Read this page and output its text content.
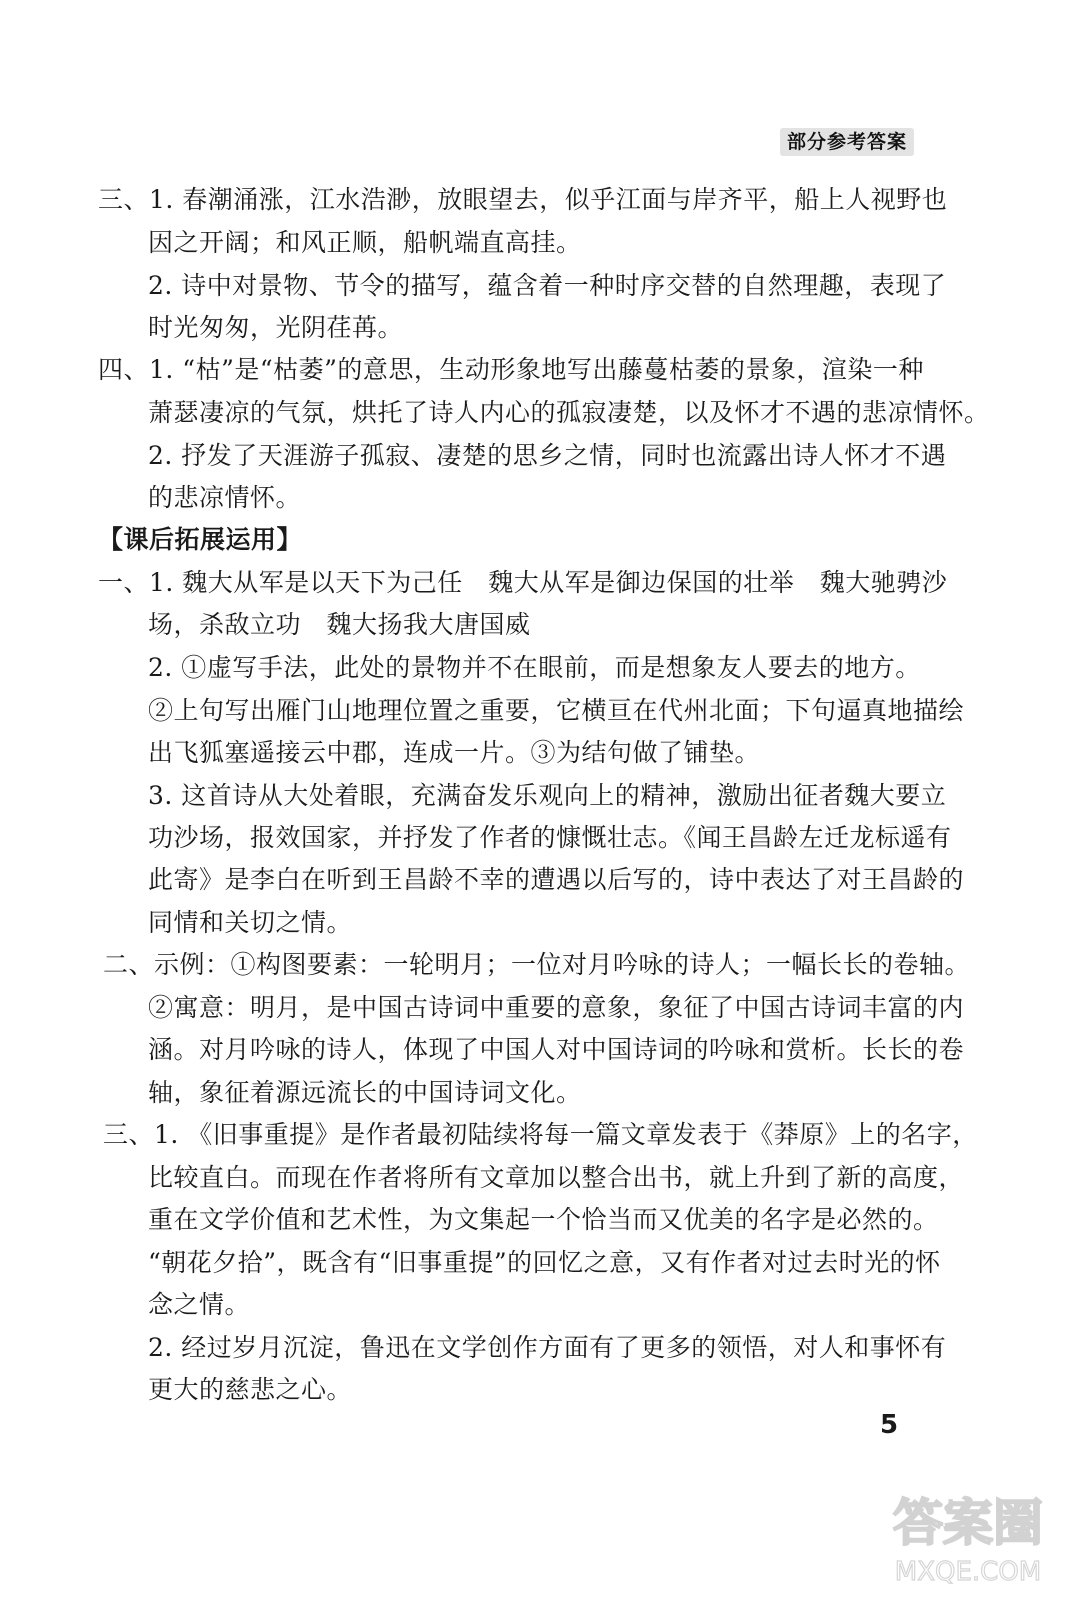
部分参考答案
三、1. 春潮涌涨，江水浩渺，放眼望去，似乎江面与岸齐平，船上人视野也
因之开阔；和风正顺，船帆端直高挂。
2. 诗中对景物、节令的描写，蕴含着一种时序交替的自然理趣，表现了
时光匆匆，光阴荏苒。
四、1. “枯”是“枯萎”的意思，生动形象地写出藤蔓枯萎的景象，渲染一种
萧瑟凄凉的气氛，烘托了诗人内心的孤寂凄楚，以及怀才不遇的悲凉情怀。
2. 抒发了天涯游子孤寂、凄楚的思乡之情，同时也流露出诗人怀才不遇
的悲凉情怀。
【课后拓展运用】
一、1. 魏大从军是以天下为己任　魏大从军是御边保国的壮举　魏大驰骋沙
场，杀敌立功　魏大扬我大唐国威
2. ①虚写手法，此处的景物并不在眼前，而是想象友人要去的地方。
②上句写出雁门山地理位置之重要，它横亘在代州北面；下句逼真地描绘
出飞狐塞遥接云中郡，连成一片。③为结句做了铺垫。
3. 这首诗从大处着眼，充满奋发乐观向上的精神，激励出征者魏大要立
功沙场，报效国家，并抒发了作者的慷慨壮志。《闻王昌龄左迁龙标遥有
此寄》是李白在听到王昌龄不幸的遭遇以后写的，诗中表达了对王昌龄的
同情和关切之情。
二、示例：①构图要素：一轮明月；一位对月吟咏的诗人；一幅长长的卷轴。
②寓意：明月，是中国古诗词中重要的意象，象征了中国古诗词丰富的内
涵。对月吟咏的诗人，体现了中国人对中国诗词的吟咏和赏析。长长的卷
轴，象征着源远流长的中国诗词文化。
三、1. 《旧事重提》是作者最初陆续将每一篇文章发表于《莽原》上的名字，
比较直白。而现在作者将所有文章加以整合出书，就上升到了新的高度，
重在文学价值和艺术性，为文集起一个恰当而又优美的名字是必然的。
“朝花夕拾”，既含有“旧事重提”的回忆之意，又有作者对过去时光的怀
念之情。
2. 经过岁月沉淀，鲁迅在文学创作方面有了更多的领悟，对人和事怀有
更大的慈悲之心。
5
答案圈
MXQE.COM
